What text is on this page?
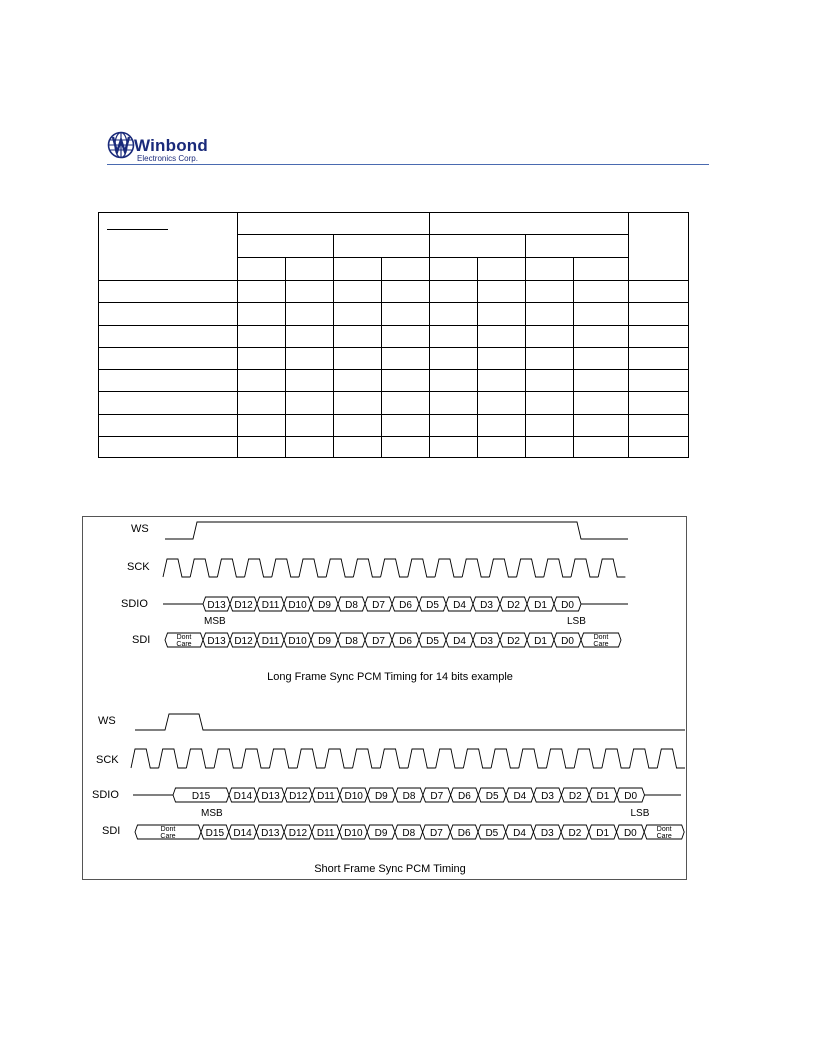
Winbond
Electronics Corp.
WS
SCK
SDIO
SDI
D13 D12 D11 D10 D9 D8 D7 D6 D5 D4 D3 D2 D1 D0
MSB	LSB
Dont
Care D13 D12 D11 D10 D9 D8 D7 D6 D5 D4 D3 D2 D1 D0	Dont
Care
Long Frame Sync PCM Timing for 14 bits example
WS
SCK
SDIO
SDI
D15 D14 D13 D12 D11 D10 D9 D8 D7 D6 D5 D4 D3 D2 D1 D0
MSB	LSB
Dont
Care	D15 D14 D13 D12 D11 D10 D9 D8 D7 D6 D5 D4 D3 D2 D1 D0	Dont
Care
Short Frame Sync PCM Timing
